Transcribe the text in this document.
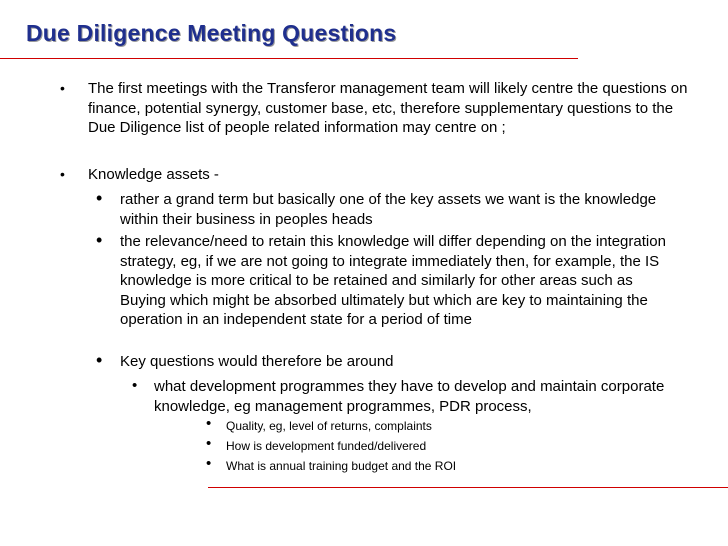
Due Diligence Meeting Questions
• The first meetings with the Transferor management team will likely centre the questions on finance, potential synergy, customer base, etc, therefore supplementary questions to the Due Diligence list of people related information may centre on ;
• Knowledge assets -
• rather a grand term but basically one of the key assets we want is the knowledge within their business in peoples heads
• the relevance/need to retain this knowledge will differ depending on the integration strategy, eg, if we are not going to integrate immediately then, for example, the IS knowledge is more critical to be retained and similarly for other areas such as Buying which might be absorbed ultimately but which are key to maintaining the operation in an independent state for a period of time
• Key questions would therefore be around
• what development programmes they have to develop and maintain corporate knowledge, eg management programmes, PDR process,
• Quality, eg, level of returns, complaints
• How is development funded/delivered
• What is annual training budget and the ROI
